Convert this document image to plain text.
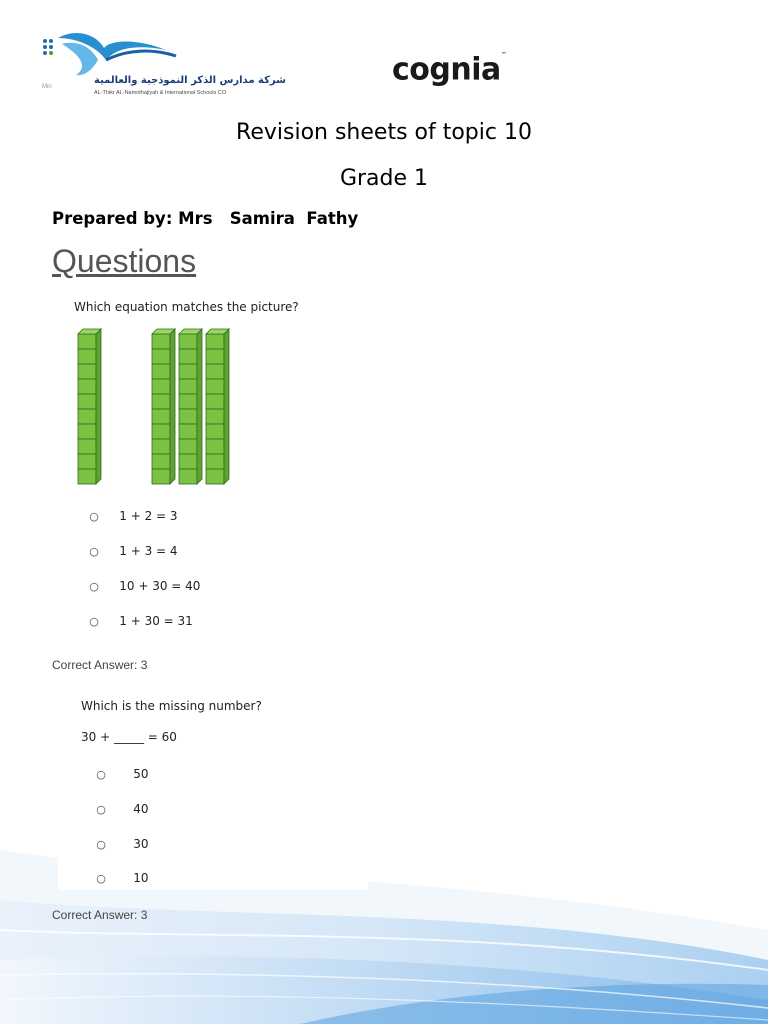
Min
شركة مدارس الذكر النموذجية والعالمية
AL-Thikr AL-Namothajiyah & International Schools CO
cognia™
Revision sheets of topic 10
Grade 1
Prepared by: Mrs   Samira  Fathy
Questions
Which equation matches the picture?

○ 1 + 2 = 3

○ 1 + 3 = 4

○ 10 + 30 = 40

○ 1 + 30 = 31

Correct Answer: 3
Which is the missing number?
30 + _____ = 60

○ 50

○ 40

○ 30

○ 10

Correct Answer: 3
